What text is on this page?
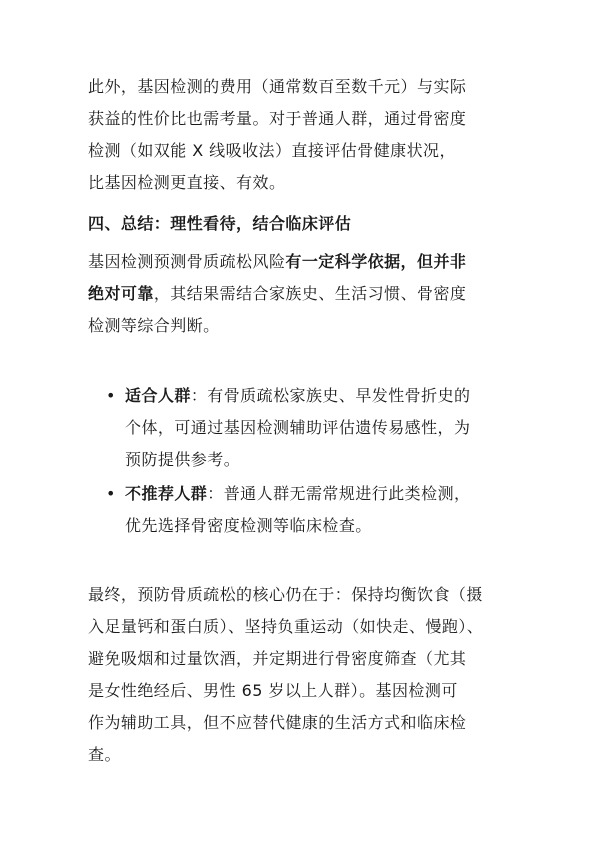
此外，基因检测的费用（通常数百至数千元）与实际
获益的性价比也需考量。对于普通人群，通过骨密度
检测（如双能 X 线吸收法）直接评估骨健康状况，
比基因检测更直接、有效。
四、总结：理性看待，结合临床评估
基因检测预测骨质疏松风险有一定科学依据，但并非
绝对可靠，其结果需结合家族史、生活习惯、骨密度
检测等综合判断。
• 适合人群：有骨质疏松家族史、早发性骨折史的
个体，可通过基因检测辅助评估遗传易感性，为
预防提供参考。
• 不推荐人群：普通人群无需常规进行此类检测，
优先选择骨密度检测等临床检查。
最终，预防骨质疏松的核心仍在于：保持均衡饮食（摄
入足量钙和蛋白质）、坚持负重运动（如快走、慢跑）、
避免吸烟和过量饮酒，并定期进行骨密度筛查（尤其
是女性绝经后、男性 65 岁以上人群）。基因检测可
作为辅助工具，但不应替代健康的生活方式和临床检
查。
